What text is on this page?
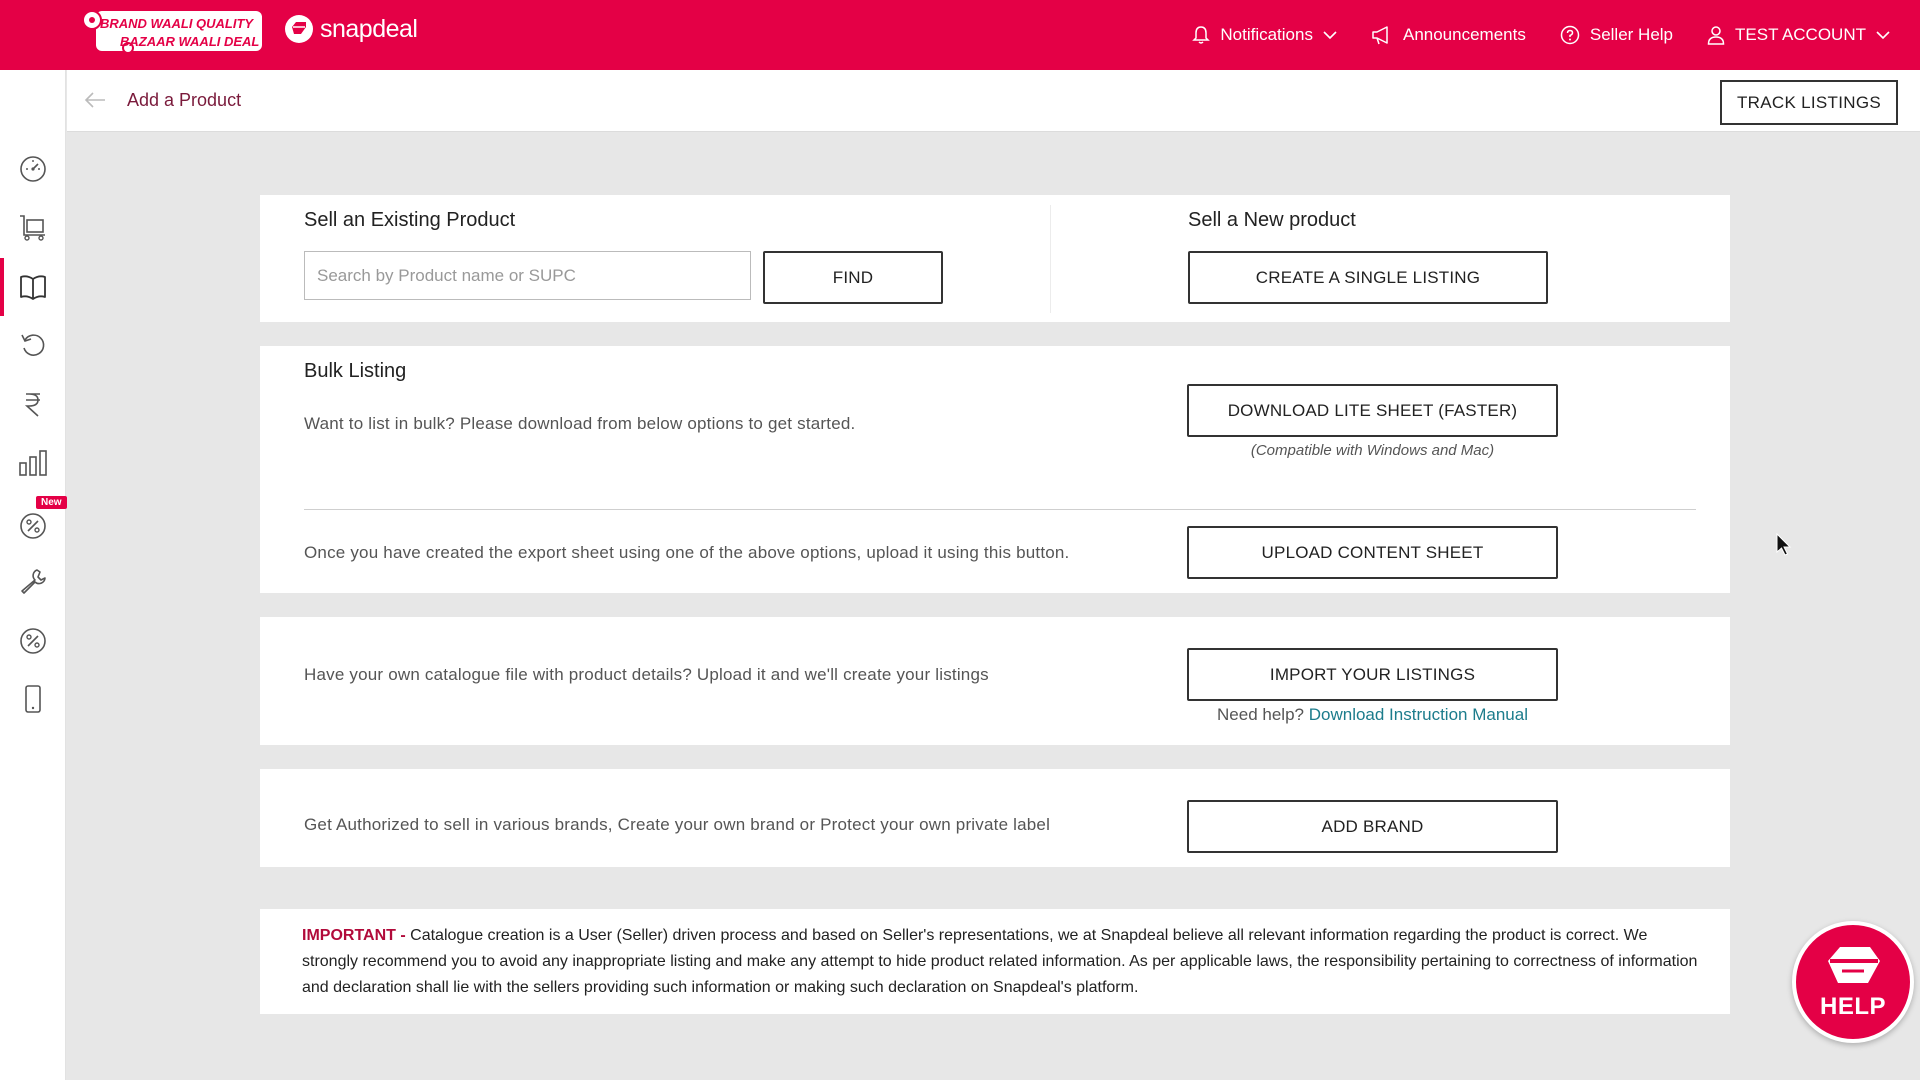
BRAND WAALI QUALITY
BAZAAR WAALI DEAL snapdeal	Notifications	Announcements	Seller Help	TEST ACCOUNT
New
Add a Product	TRACK LISTINGS
Sell an Existing Product
Search by Product name or SUPC
FIND
Sell a New product
CREATE A SINGLE LISTING
Bulk Listing
Want to list in bulk? Please download from below options to get started.
DOWNLOAD LITE SHEET (FASTER)
(Compatible with Windows and Mac)
Once you have created the export sheet using one of the above options, upload it using this button.	UPLOAD CONTENT SHEET
Have your own catalogue file with product details? Upload it and we'll create your listings	IMPORT YOUR LISTINGS
Need help? Download Instruction Manual
Get Authorized to sell in various brands, Create your own brand or Protect your own private label	ADD BRAND
IMPORTANT - Catalogue creation is a User (Seller) driven process and based on Seller's representations, we at Snapdeal believe all relevant information regarding the product is correct. We strongly recommend you to avoid any inappropriate listing and make any attempt to hide product related information. As per applicable laws, the responsibility pertaining to correctness of information and declaration shall lie with the sellers providing such information or making such declaration on Snapdeal's platform.
HELP
